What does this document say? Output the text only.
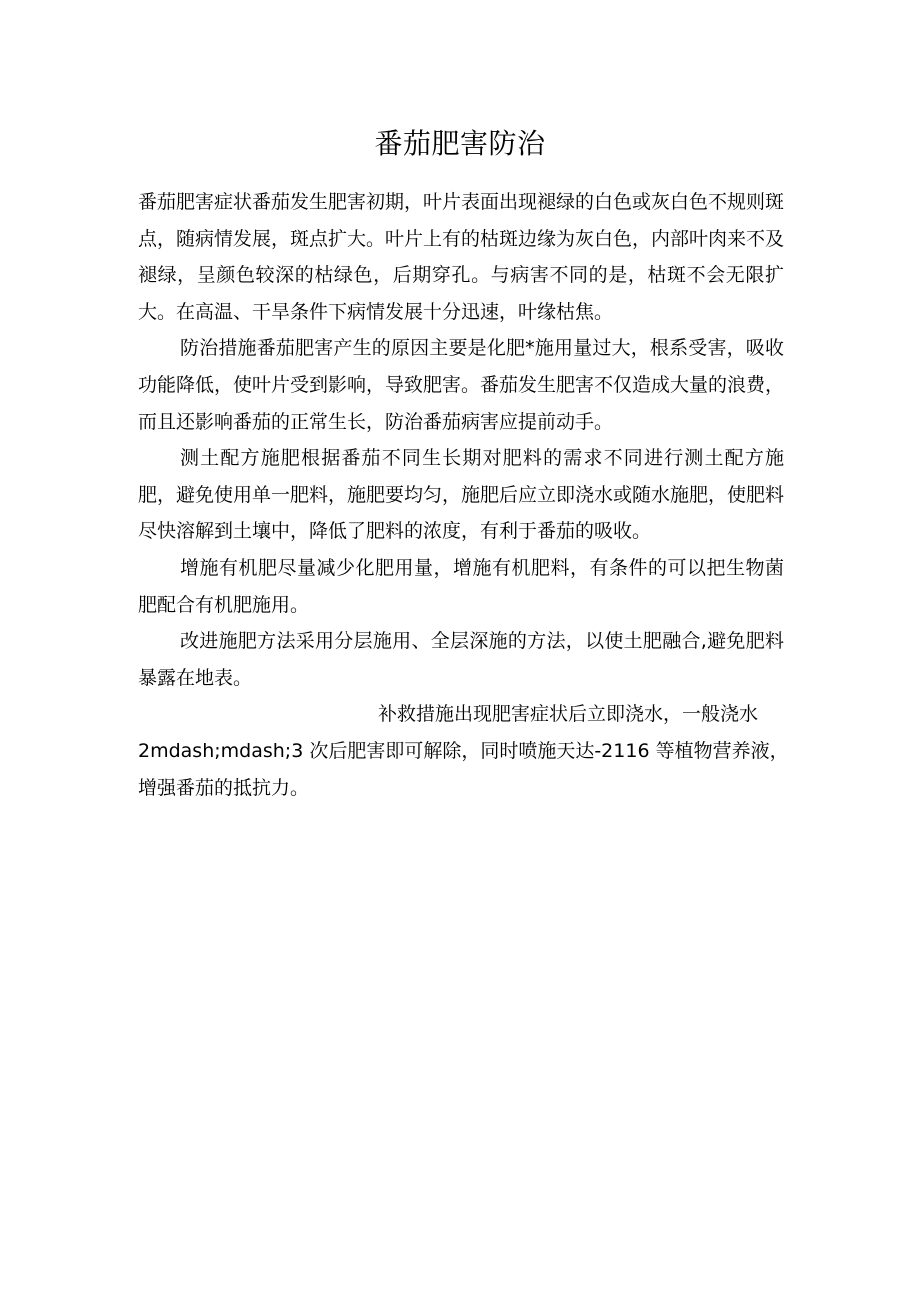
番茄肥害防治

番茄肥害症状番茄发生肥害初期，叶片表面出现褪绿的白色或灰白色不规则斑点，随病情发展，斑点扩大。叶片上有的枯斑边缘为灰白色，内部叶肉来不及褪绿，呈颜色较深的枯绿色，后期穿孔。与病害不同的是，枯斑不会无限扩大。在高温、干旱条件下病情发展十分迅速，叶缘枯焦。

防治措施番茄肥害产生的原因主要是化肥*施用量过大，根系受害，吸收功能降低，使叶片受到影响，导致肥害。番茄发生肥害不仅造成大量的浪费，而且还影响番茄的正常生长，防治番茄病害应提前动手。

测土配方施肥根据番茄不同生长期对肥料的需求不同进行测土配方施肥，避免使用单一肥料，施肥要均匀，施肥后应立即浇水或随水施肥，使肥料尽快溶解到土壤中，降低了肥料的浓度，有利于番茄的吸收。

增施有机肥尽量减少化肥用量，增施有机肥料，有条件的可以把生物菌肥配合有机肥施用。

改进施肥方法采用分层施用、全层深施的方法，以使土肥融合,避免肥料暴露在地表。

补救措施出现肥害症状后立即浇水，一般浇水
2mdash;mdash;3 次后肥害即可解除，同时喷施天达-2116 等植物营养液，
增强番茄的抵抗力。
